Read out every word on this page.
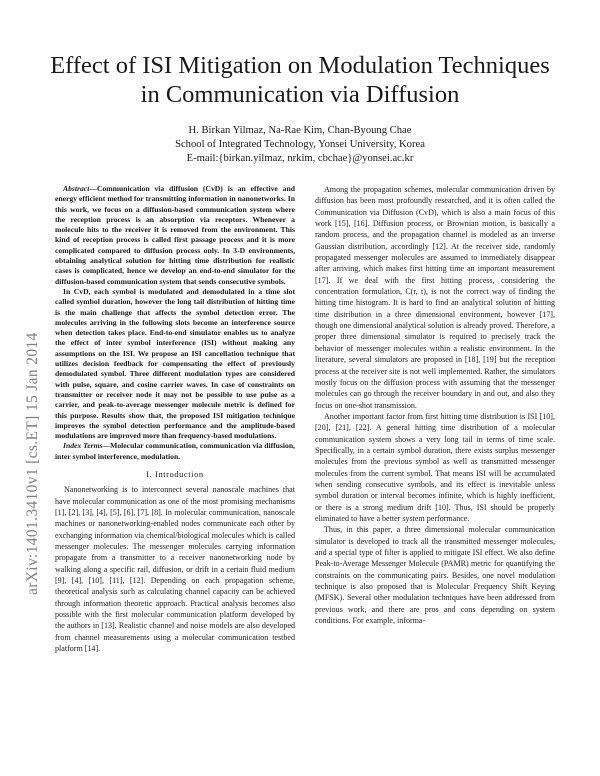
arXiv:1401.3410v1 [cs.ET] 15 Jan 2014
Effect of ISI Mitigation on Modulation Techniques
in Communication via Diffusion
H. Birkan Yilmaz, Na-Rae Kim, Chan-Byoung Chae
School of Integrated Technology, Yonsei University, Korea
E-mail:{birkan.yilmaz, nrkim, cbchae}@yonsei.ac.kr

Abstract—Communication via diffusion (CvD) is an effective and energy efficient method for transmitting information in nanonetworks. In this work, we focus on a diffusion-based communication system where the reception process is an absorption via receptors. Whenever a molecule hits to the receiver it is removed from the environment. This kind of reception process is called first passage process and it is more complicated compared to diffusion process only. In 3-D environments, obtaining analytical solution for hitting time distribution for realistic cases is complicated, hence we develop an end-to-end simulator for the diffusion-based communication system that sends consecutive symbols.

In CvD, each symbol is modulated and demodulated in a time slot called symbol duration, however the long tail distribution of hitting time is the main challenge that affects the symbol detection error. The molecules arriving in the following slots become an interference source when detection takes place. End-to-end simulator enables us to analyze the effect of inter symbol interference (ISI) without making any assumptions on the ISI. We propose an ISI cancellation technique that utilizes decision feedback for compensating the effect of previously demodulated symbol. Three different modulation types are considered with pulse, square, and cosine carrier waves. In case of constraints on transmitter or receiver node it may not be possible to use pulse as a carrier, and peak-to-average messenger molecule metric is defined for this purpose. Results show that, the proposed ISI mitigation technique improves the symbol detection performance and the amplitude-based modulations are improved more than frequency-based modulations.

Index Terms—Molecular communication, communication via diffusion, inter symbol interference, modulation.

I. Introduction

Nanonetworking is to interconnect several nanoscale machines that have molecular communication as one of the most promising mechanisms [1], [2], [3], [4], [5], [6], [7], [8]. In molecular communication, nanoscale machines or nanonetworking-enabled nodes communicate each other by exchanging information via chemical/biological molecules which is called messenger molecules. The messenger molecules carrying information propagate from a transmitter to a receiver nanonetworking node by walking along a specific rail, diffusion, or drift in a certain fluid medium [9], [4], [10], [11], [12]. Depending on each propagation scheme, theoretical analysis such as calculating channel capacity can be achieved through information theoretic approach. Practical analysis becomes also possible with the first molecular communication platform developed by the authors in [13]. Realistic channel and noise models are also developed from channel measurements using a molecular communication testbed platform [14].

Among the propagation schemes, molecular communication driven by diffusion has been most profoundly researched, and it is often called the Communication via Diffusion (CvD), which is also a main focus of this work [15], [16]. Diffusion process, or Brownian motion, is basically a random process, and the propagation channel is modeled as an inverse Gaussian distribution, accordingly [12]. At the receiver side, randomly propagated messenger molecules are assumed to immediately disappear after arriving, which makes first hitting time an important measurement [17]. If we deal with the first hitting process, considering the concentration formulation, C(r, t), is not the correct way of finding the hitting time histogram. It is hard to find an analytical solution of hitting time distribution in a three dimensional environment, however [17], though one dimensional analytical solution is already proved. Therefore, a proper three dimensional simulator is required to precisely track the behavior of messenger molecules within a realistic environment. In the literature, several simulators are proposed in [18], [19] but the reception process at the receiver site is not well implemented. Rather, the simulators mostly focus on the diffusion process with assuming that the messenger molecules can go through the receiver boundary in and out, and also they focus on one-shot transmission.

Another important factor from first hitting time distribution is ISI [10], [20], [21], [22]. A general hitting time distribution of a molecular communication system shows a very long tail in terms of time scale. Specifically, in a certain symbol duration, there exists surplus messenger molecules from the previous symbol as well as transmitted messenger molecules from the current symbol. That means ISI will be accumulated when sending consecutive symbols, and its effect is inevitable unless symbol duration or interval becomes infinite, which is highly inefficient, or there is a strong medium drift [10]. Thus, ISI should be properly eliminated to have a better system performance.

Thus, in this paper, a three dimensional molecular communication simulator is developed to track all the transmitted messenger molecules, and a special type of filter is applied to mitigate ISI effect. We also define Peak-to-Average Messenger Molecule (PAMR) metric for quantifying the constraints on the communicating pairs. Besides, one novel modulation technique is also proposed that is Molecular Frequency Shift Keying (MFSK). Several other modulation techniques have been addressed from previous work, and there are pros and cons depending on system conditions. For example, informa-
